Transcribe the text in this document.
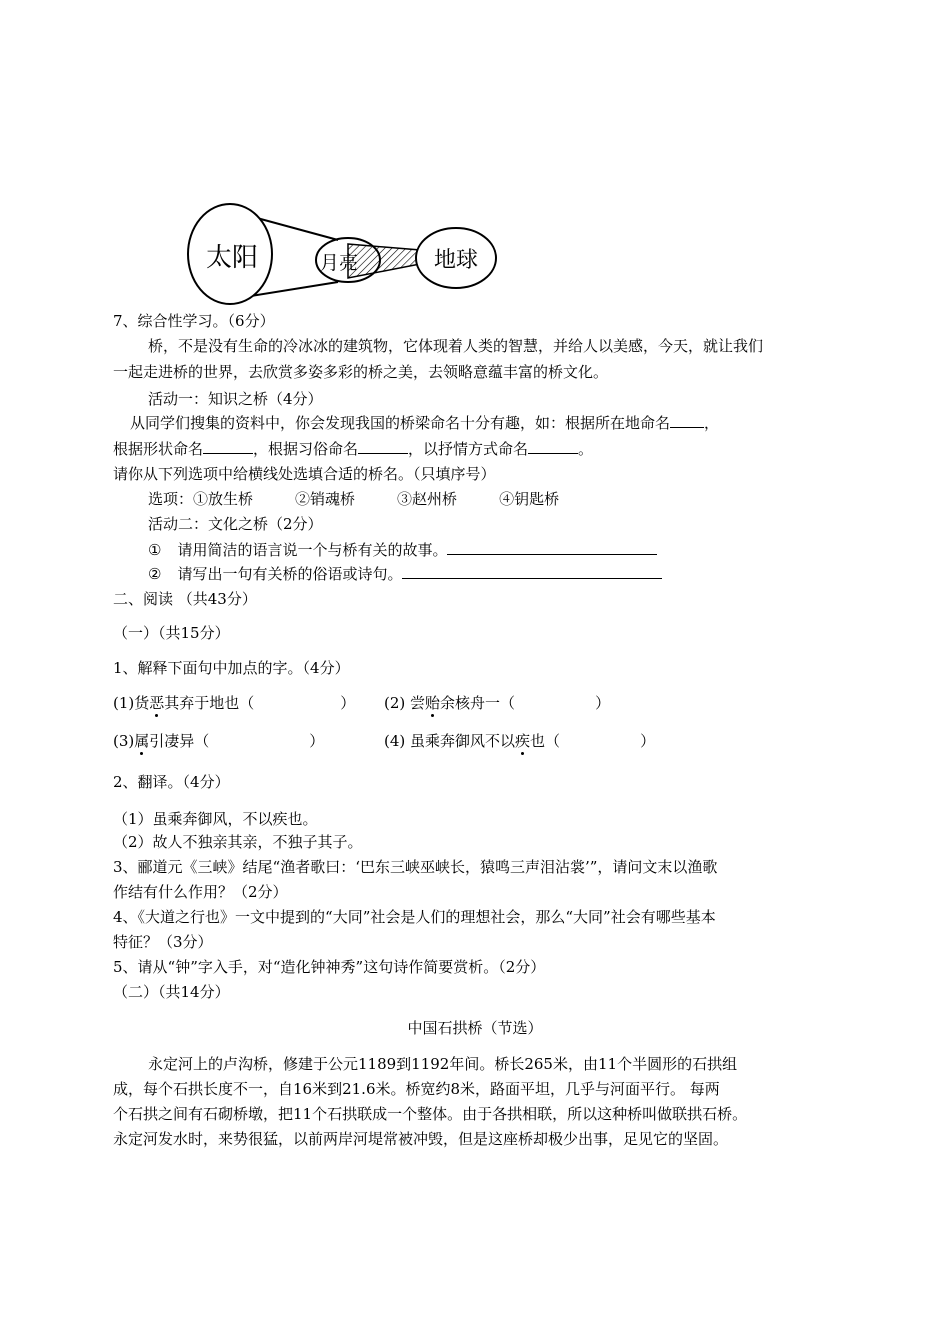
太阳	月亮	地球
7、综合性学习。（6分）
桥，不是没有生命的冷冰冰的建筑物，它体现着人类的智慧，并给人以美感，今天，就让我们
一起走进桥的世界，去欣赏多姿多彩的桥之美，去领略意蕴丰富的桥文化。
活动一：知识之桥（4分）
从同学们搜集的资料中，你会发现我国的桥梁命名十分有趣，如：根据所在地命名 ，
根据形状命名	，根据习俗命名	，以抒情方式命名	。
请你从下列选项中给横线处选填合适的桥名。（只填序号）
选项：①放生桥	②销魂桥	③赵州桥	④钥匙桥
活动二：文化之桥（2分）
① 请用简洁的语言说一个与桥有关的故事。
② 请写出一句有关桥的俗语或诗句。
二、阅读 （共43分）
（一）（共15分）
1、解释下面句中加点的字。（4分）
(1)货恶其弃于地也（	） (2) 尝贻余核舟一（	）
(3)属引凄异（	）	(4) 虽乘奔御风不以疾也（	）
2、翻译。（4分）
（1）虽乘奔御风，不以疾也。
（2）故人不独亲其亲，不独子其子。
3、郦道元《三峡》结尾“渔者歌曰：‘巴东三峡巫峡长，猿鸣三声泪沾裳’”，请问文末以渔歌
作结有什么作用？（2分）
4、《大道之行也》一文中提到的“大同”社会是人们的理想社会，那么“大同”社会有哪些基本
特征？（3分）
5、请从“钟”字入手，对“造化钟神秀”这句诗作简要赏析。（2分）
（二）（共14分）
中国石拱桥（节选）
永定河上的卢沟桥，修建于公元1189到1192年间。桥长265米，由11个半圆形的石拱组
成，每个石拱长度不一，自16米到21.6米。桥宽约8米，路面平坦，几乎与河面平行。 每两
个石拱之间有石砌桥墩，把11个石拱联成一个整体。由于各拱相联，所以这种桥叫做联拱石桥。
永定河发水时，来势很猛，以前两岸河堤常被冲毁，但是这座桥却极少出事，足见它的坚固。
